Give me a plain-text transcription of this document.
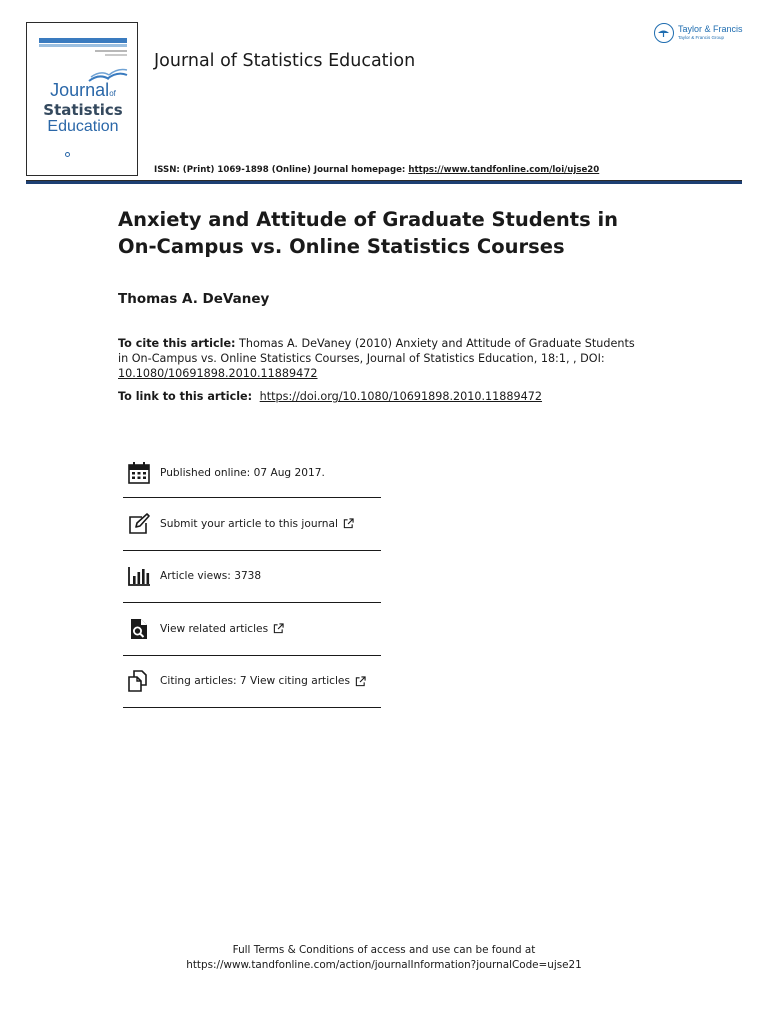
Journalof
Statistics
Education
Journal of Statistics Education
ISSN: (Print) 1069-1898 (Online) Journal homepage: https://www.tandfonline.com/loi/ujse20
Taylor & Francis
Taylor & Francis Group
Anxiety and Attitude of Graduate Students in On-Campus vs. Online Statistics Courses
Thomas A. DeVaney
To cite this article: Thomas A. DeVaney (2010) Anxiety and Attitude of Graduate Students in On-Campus vs. Online Statistics Courses, Journal of Statistics Education, 18:1, , DOI: 10.1080/10691898.2010.11889472
To link to this article: https://doi.org/10.1080/10691898.2010.11889472
Published online: 07 Aug 2017.
Submit your article to this journal
Article views: 3738
View related articles
Citing articles: 7 View citing articles
Full Terms & Conditions of access and use can be found at
https://www.tandfonline.com/action/journalInformation?journalCode=ujse21
